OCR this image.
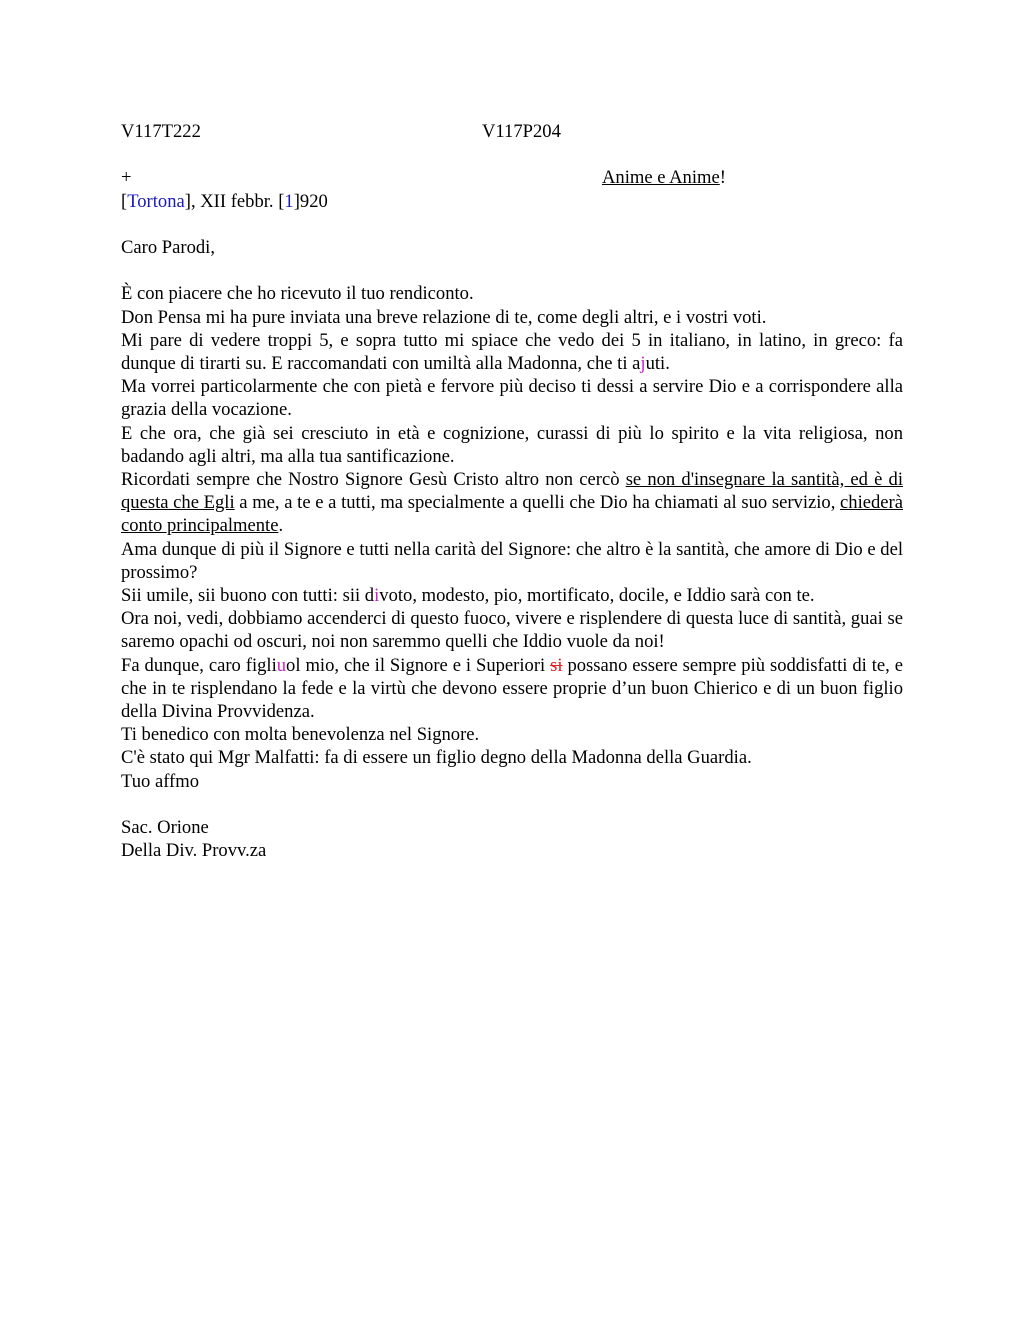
V117T222	V117P204
+	Anime e Anime!

[Tortona], XII febbr. [1]920

Caro Parodi,

È con piacere che ho ricevuto il tuo rendiconto.

Don Pensa mi ha pure inviata una breve relazione di te, come degli altri, e i vostri voti.

Mi pare di vedere troppi 5, e sopra tutto mi spiace che vedo dei 5 in italiano, in latino, in greco: fa dunque di tirarti su. E raccomandati con umiltà alla Madonna, che ti ajuti.

Ma vorrei particolarmente che con pietà e fervore più deciso ti dessi a servire Dio e a corrispondere alla grazia della vocazione.

E che ora, che già sei cresciuto in età e cognizione, curassi di più lo spirito e la vita religiosa, non badando agli altri, ma alla tua santificazione.

Ricordati sempre che Nostro Signore Gesù Cristo altro non cercò se non d'insegnare la santità, ed è di questa che Egli a me, a te e a tutti, ma specialmente a quelli che Dio ha chiamati al suo servizio, chiederà conto principalmente.

Ama dunque di più il Signore e tutti nella carità del Signore: che altro è la santità, che amore di Dio e del prossimo?

Sii umile, sii buono con tutti: sii divoto, modesto, pio, mortificato, docile, e Iddio sarà con te.

Ora noi, vedi, dobbiamo accenderci di questo fuoco, vivere e risplendere di questa luce di santità, guai se saremo opachi od oscuri, noi non saremmo quelli che Iddio vuole da noi!

Fa dunque, caro figliuol mio, che il Signore e i Superiori si possano essere sempre più soddisfatti di te, e che in te risplendano la fede e la virtù che devono essere proprie d’un buon Chierico e di un buon figlio della Divina Provvidenza.

Ti benedico con molta benevolenza nel Signore.

C'è stato qui Mgr Malfatti: fa di essere un figlio degno della Madonna della Guardia.

Tuo affmo

Sac. Orione

Della Div. Provv.za
